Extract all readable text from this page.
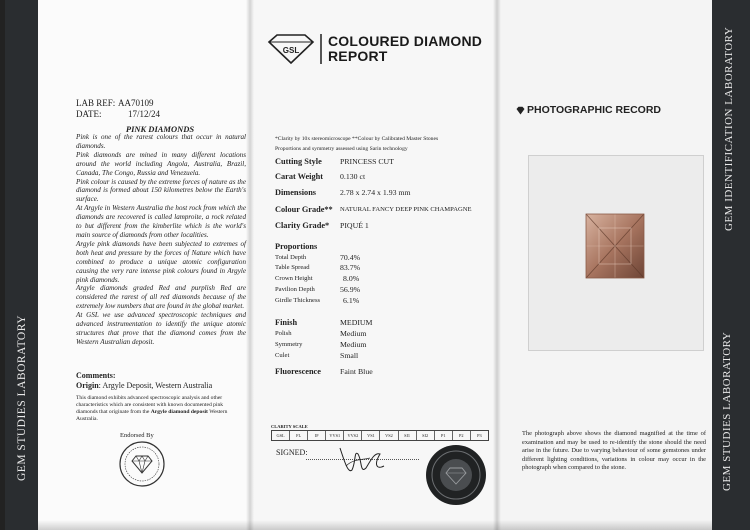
GEM STUDIES LABORATORY
GEM IDENTIFICATION LABORATORY
GEM STUDIES LABORATORY
LAB REF: AA70109
DATE:	17/12/24
PINK DIAMONDS

Pink is one of the rarest colours that occur in natural diamonds.

Pink diamonds are mined in many different locations around the world including Angola, Australia, Brazil, Canada, The Congo, Russia and Venezuela.

Pink colour is caused by the extreme forces of nature as the diamond is formed about 150 kilometres below the Earth's surface.

At Argyle in Western Australia the host rock from which the diamonds are recovered is called lamproite, a rock related to but different from the kimberlite which is the world's main source of diamonds from other localities.

Argyle pink diamonds have been subjected to extremes of both heat and pressure by the forces of Nature which have combined to produce a unique atomic configuration causing the very rare intense pink colours found in Argyle pink diamonds.

Argyle diamonds graded Red and purplish Red are considered the rarest of all red diamonds because of the extremely low numbers that are found in the global market.

At GSL we use advanced spectroscopic techniques and advanced instrumentation to identify the unique atomic structures that prove that the diamond comes from the Western Australian deposit.

Comments:
Origin: Argyle Deposit, Western Australia
This diamond exhibits advanced spectroscopic analysis and other characteristics which are consistent with known documented pink diamonds that originate from the Argyle diamond deposit Western Australia.
Endorsed By
GSL
COLOURED DIAMOND
REPORT
*Clarity by 10x stereomicroscope **Colour by Calibrated Master Stones
Proportions and symmetry assessed using Sarin technology
Cutting Style PRINCESS CUT
Carat Weight 0.130 ct
Dimensions	2.78 x 2.74 x 1.93 mm
Colour Grade** NATURAL FANCY DEEP PINK CHAMPAGNE
Clarity Grade* PIQUÉ 1
Proportions
Total Depth	70.4%
Table Spread	83.7%
Crown Height	8.0%
Pavilion Depth	56.9%
Girdle Thickness	6.1%
Finish	MEDIUM
Polish	Medium
Symmetry	Medium
Culet	Small
Fluorescence Faint Blue
CLARITY SCALE
GSL	FL	IF	VVS1	VVS2	VS1	VS2	SI1	SI2	P1	P2	P3
SIGNED:
PHOTOGRAPHIC RECORD
The photograph above shows the diamond magnified at the time of examination and may be used to re-identify the stone should the need arise in the future. Due to varying behaviour of some gemstones under different lighting conditions, variations in colour may occur in the photograph when compared to the stone.
